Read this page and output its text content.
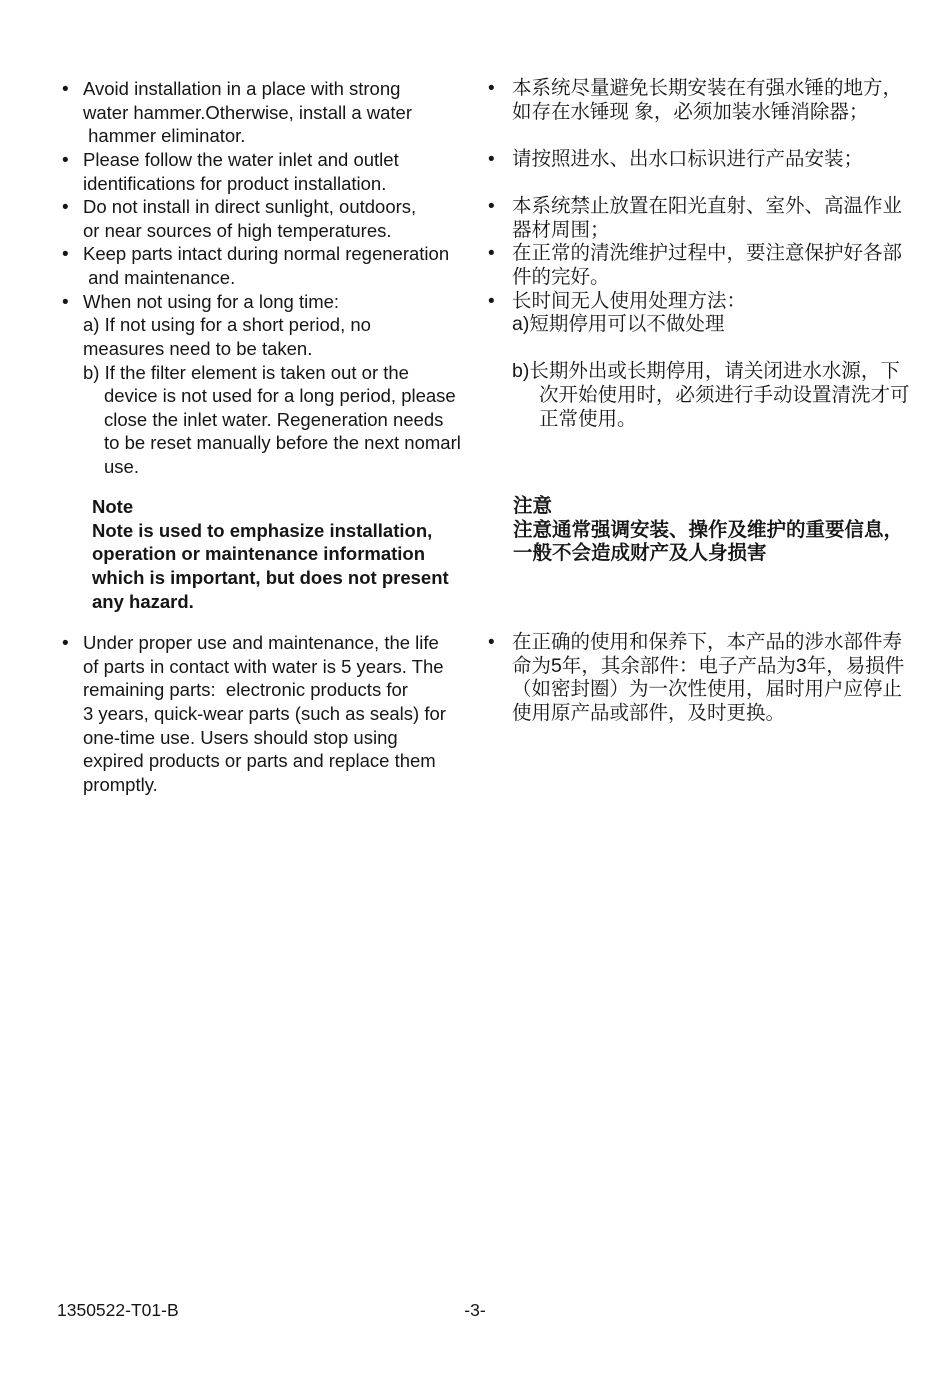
•
Avoid installation in a place with strong
water hammer.Otherwise, install a water
hammer eliminator.
•
Please follow the water inlet and outlet
identifications for product installation.
•
Do not install in direct sunlight, outdoors,
or near sources of high temperatures.
•
Keep parts intact during normal regeneration
and maintenance.
•
When not using for a long time:
a) If not using for a short period, no
measures need to be taken.
b) If the filter element is taken out or the
device is not used for a long period, please
close the inlet water. Regeneration needs
to be reset manually before the next nomarl
use.
Note
Note is used to emphasize installation,
operation or maintenance information
which is important, but does not present
any hazard.
•
Under proper use and maintenance, the life
of parts in contact with water is 5 years. The
remaining parts:  electronic products for
3 years, quick-wear parts (such as seals) for
one-time use. Users should stop using
expired products or parts and replace them
promptly.
•
本系统尽量避免长期安装在有强水锤的地方，
如存在水锤现 象，必须加装水锤消除器；
•
请按照进水、出水口标识进行产品安装；
•
本系统禁止放置在阳光直射、室外、高温作业
器材周围；
•
在正常的清洗维护过程中，要注意保护好各部
件的完好。
•
长时间无人使用处理方法：
a)短期停用可以不做处理
b)长期外出或长期停用，请关闭进水水源，下
次开始使用时，必须进行手动设置清洗才可
正常使用。
注意
注意通常强调安装、操作及维护的重要信息，
一般不会造成财产及人身损害
•
在正确的使用和保养下，本产品的涉水部件寿
命为5年，其余部件：电子产品为3年，易损件
（如密封圈）为一次性使用，届时用户应停止
使用原产品或部件，及时更换。
1350522-T01-B	-3-
